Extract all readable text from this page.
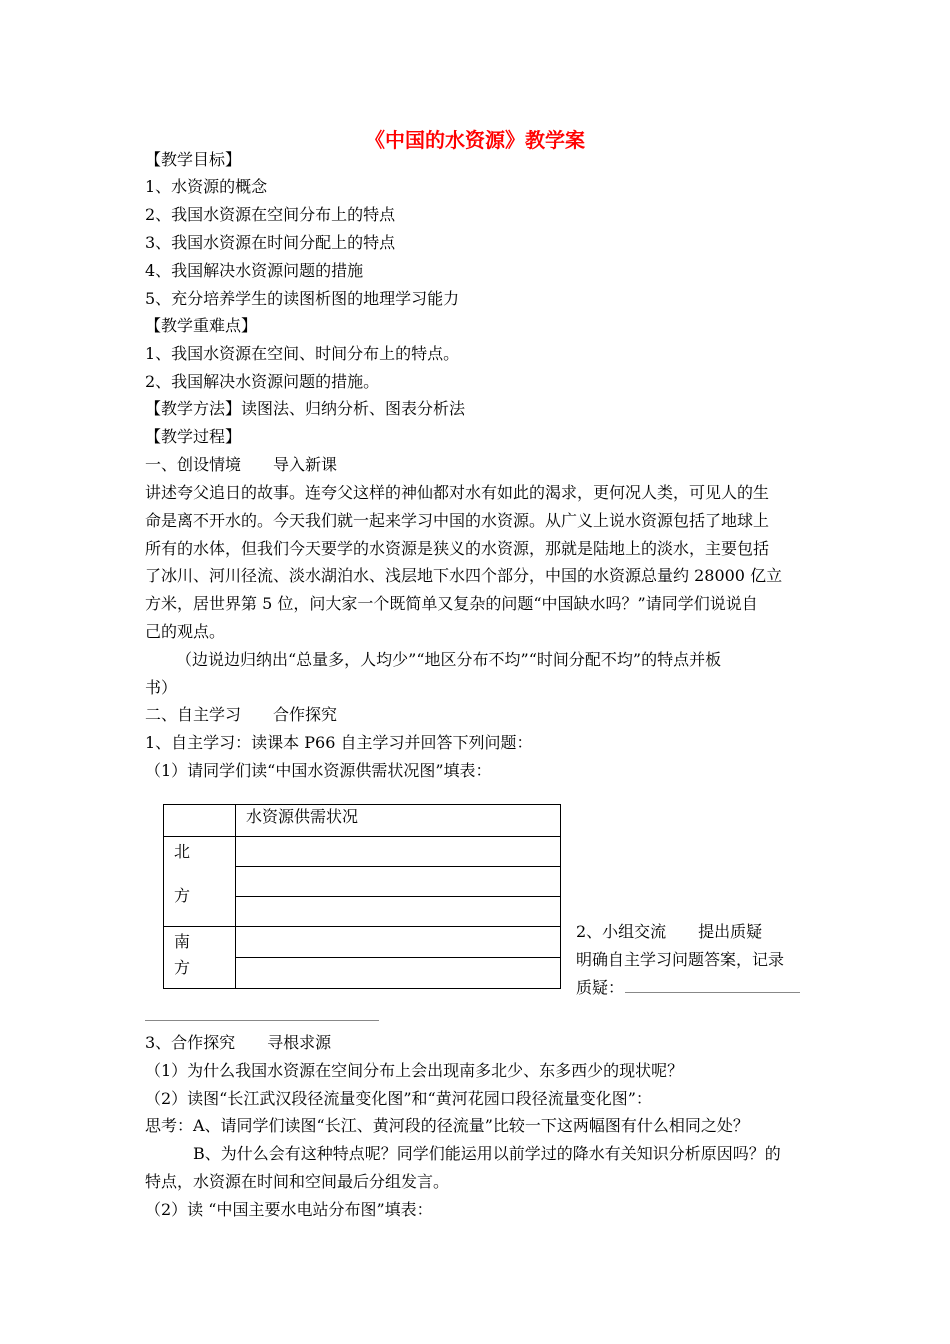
《中国的水资源》教学案
【教学目标】
1、水资源的概念
2、我国水资源在空间分布上的特点
3、我国水资源在时间分配上的特点
4、我国解决水资源问题的措施
5、充分培养学生的读图析图的地理学习能力
【教学重难点】
1、我国水资源在空间、时间分布上的特点。
2、我国解决水资源问题的措施。
【教学方法】读图法、归纳分析、图表分析法
【教学过程】
一、创设情境　　导入新课
讲述夸父追日的故事。连夸父这样的神仙都对水有如此的渴求，更何况人类，可见人的生
命是离不开水的。今天我们就一起来学习中国的水资源。从广义上说水资源包括了地球上
所有的水体，但我们今天要学的水资源是狭义的水资源，那就是陆地上的淡水，主要包括
了冰川、河川径流、淡水湖泊水、浅层地下水四个部分，中国的水资源总量约 28000 亿立
方米，居世界第 5 位，问大家一个既简单又复杂的问题“中国缺水吗？”请同学们说说自
己的观点。
（边说边归纳出“总量多，人均少”“地区分布不均”“时间分配不均”的特点并板
书）
二、自主学习　　合作探究
1、自主学习：读课本 P66 自主学习并回答下列问题：
（1）请同学们读“中国水资源供需状况图”填表：

	水资源供需状况

北
方	

南
方	

2、小组交流　　提出质疑
明确自主学习问题答案，记录
质疑：
3、合作探究　　寻根求源
（1）为什么我国水资源在空间分布上会出现南多北少、东多西少的现状呢？
（2）读图“长江武汉段径流量变化图”和“黄河花园口段径流量变化图”：
思考：A、请同学们读图“长江、黄河段的径流量”比较一下这两幅图有什么相同之处？
B、为什么会有这种特点呢？同学们能运用以前学过的降水有关知识分析原因吗？的
特点，水资源在时间和空间最后分组发言。
（2）读 “中国主要水电站分布图”填表：
